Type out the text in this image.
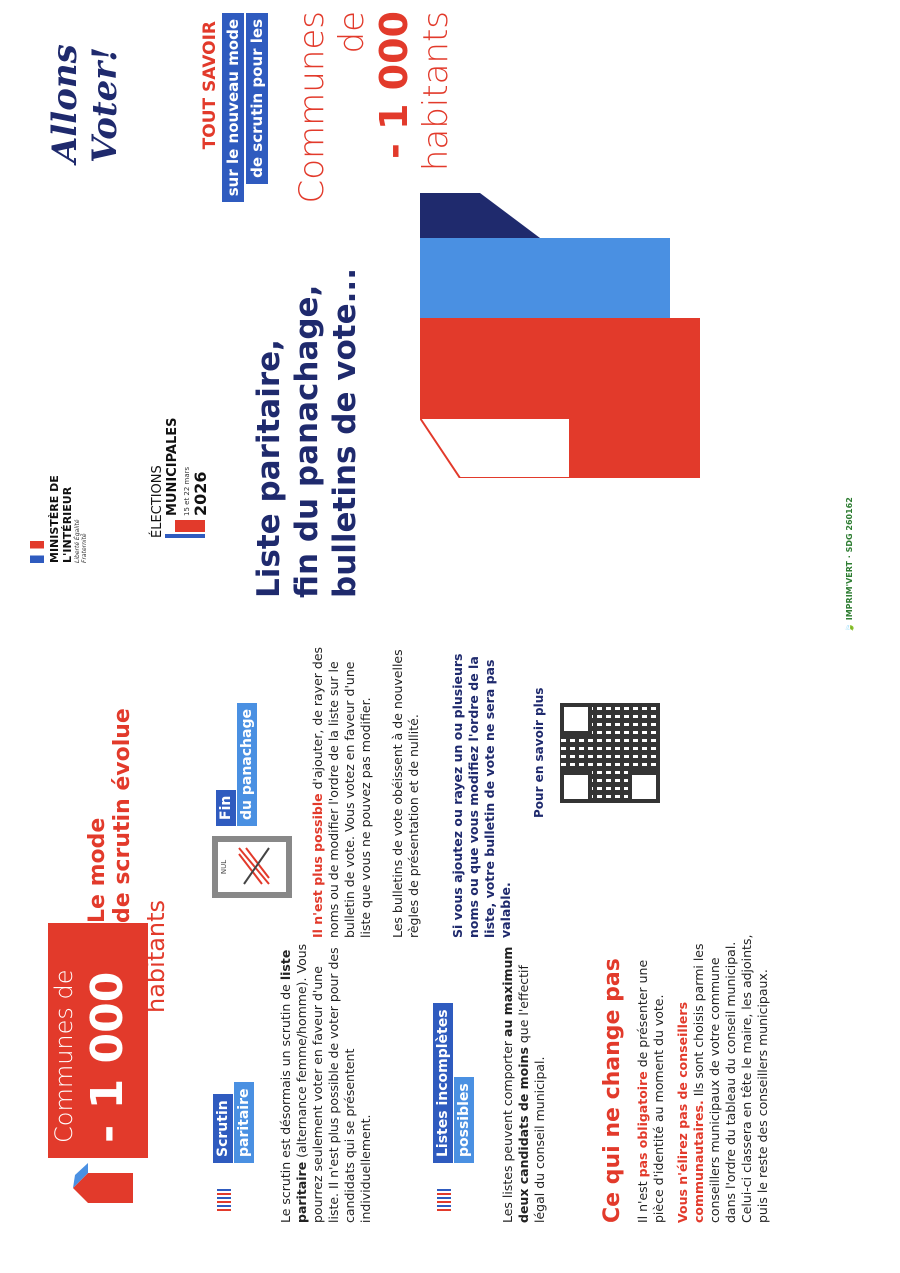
Communes de - 1 000
habitants
Scrutin paritaire Le scrutin est désormais un scrutin de liste paritaire (alternance femme/homme). Vous pourrez seulement voter en faveur d'une liste. Il n'est plus possible de voter pour des candidats qui se présentent individuellement.

Listes incomplètes possibles Les listes peuvent comporter au maximum deux candidats de moins que l'effectif légal du conseil municipal. Ce qui ne change pas Il n'est pas obligatoire de présenter une pièce d'identité au moment du vote. Vous n'élirez pas de conseillers communautaires. Ils sont choisis parmi les conseillers municipaux de votre commune dans l'ordre du tableau du conseil municipal. Celui-ci classera en tête le maire, les adjoints, puis le reste des conseillers municipaux.

Le mode de scrutin évolue	NUL
Fin du panachage

Il n'est plus possible d'ajouter, de rayer des noms ou de modifier l'ordre de la liste sur le bulletin de vote. Vous votez en faveur d'une liste que vous ne pouvez pas modifier. Les bulletins de vote obéissent à de nouvelles règles de présentation et de nullité. Si vous ajoutez ou rayez un ou plusieurs noms ou que vous modifiez l'ordre de la liste, votre bulletin de vote ne sera pas valable.

Pour en savoir plus
🍃 IMPRIM'VERT · SDG 260162
MINISTÈRE DE L'INTÉRIEUR Liberté Égalité Fraternité
ÉLECTIONS MUNICIPALES 15 et 22 mars 2026 Liste paritaire, fin du panachage, bulletins de vote...
Allons Voter!	TOUT SAVOIR sur le nouveau mode de scrutin pour les Communes de - 1 000 habitants
